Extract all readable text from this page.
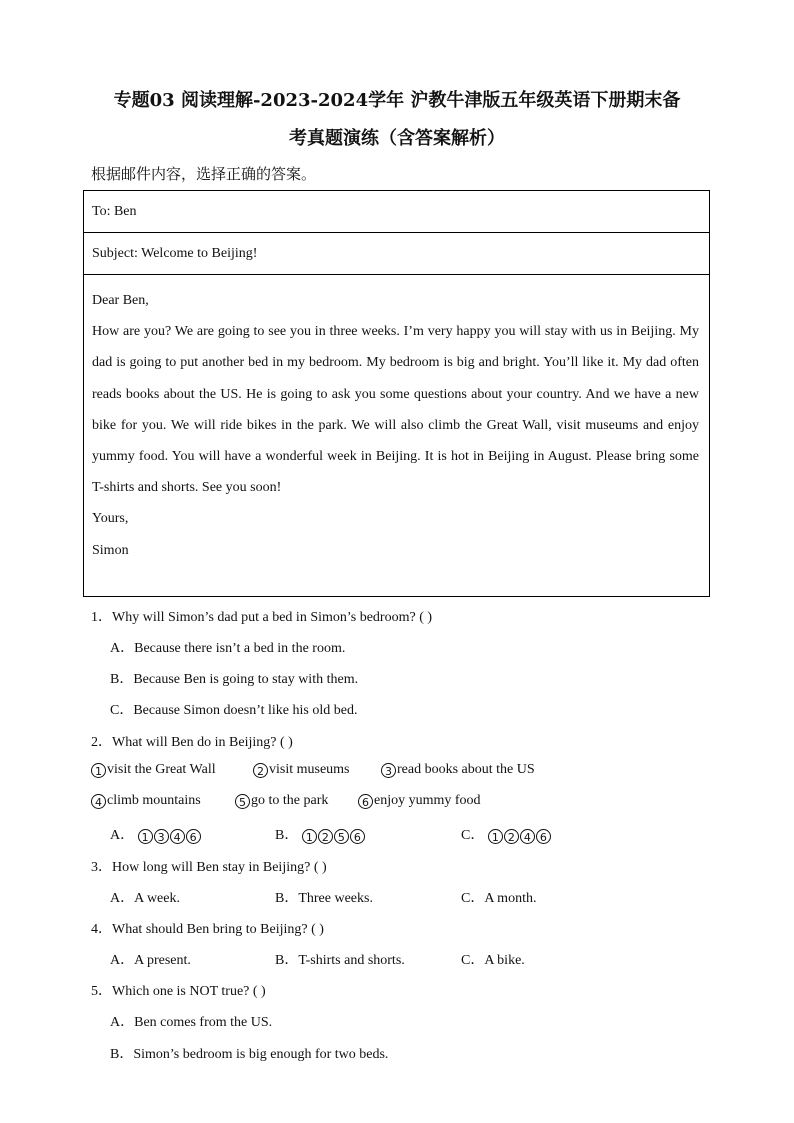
专题03 阅读理解-2023-2024学年 沪教牛津版五年级英语下册期末备
考真题演练（含答案解析）
根据邮件内容，选择正确的答案。
To: Ben
Subject: Welcome to Beijing!

Dear Ben,

How are you? We are going to see you in three weeks. I’m very happy you will stay with us in Beijing. My dad is going to put another bed in my bedroom. My bedroom is big and bright. You’ll like it. My dad often reads books about the US. He is going to ask you some questions about your country. And we have a new bike for you. We will ride bikes in the park. We will also climb the Great Wall, visit museums and enjoy yummy food. You will have a wonderful week in Beijing. It is hot in Beijing in August. Please bring some T-shirts and shorts. See you soon!

Yours,

Simon

1．Why will Simon’s dad put a bed in Simon’s bedroom? ( )
A．Because there isn’t a bed in the room.
B．Because Ben is going to stay with them.
C．Because Simon doesn’t like his old bed.
2．What will Ben do in Beijing? ( )
1 visit the Great Wall	2 visit museums	3 read books about the US
4 climb mountains	5 go to the park	6 enjoy yummy food
A． 1 3 4 6	B． 1 2 5 6	C． 1 2 4 6
3．How long will Ben stay in Beijing? ( )
A．A week.	B．Three weeks.	C．A month.
4．What should Ben bring to Beijing? ( )
A．A present.	B．T-shirts and shorts.	C．A bike.
5．Which one is NOT true? ( )
A．Ben comes from the US.
B．Simon’s bedroom is big enough for two beds.
